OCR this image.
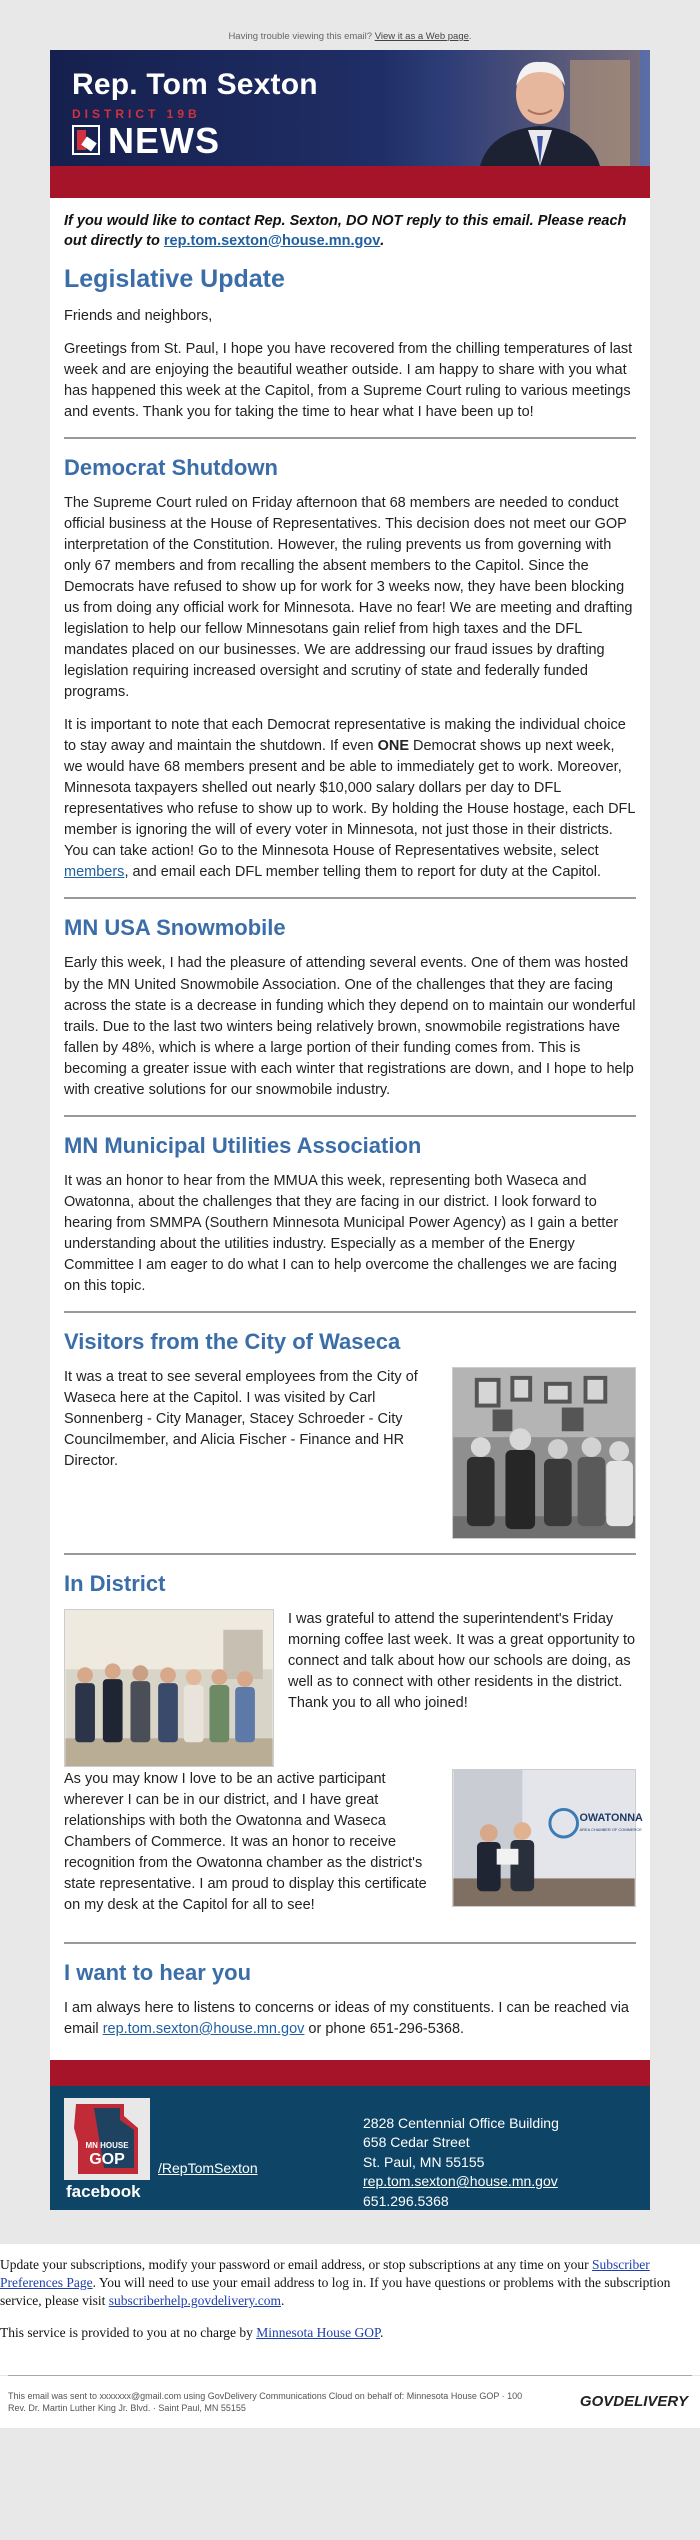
Having trouble viewing this email?
View it as a Web page .
Rep. Tom Sexton
DISTRICT 19B
NEWS

If you would like to contact Rep. Sexton, DO NOT reply to this email. Please reach out directly to rep.tom.sexton@house.mn.gov.

Legislative Update

Friends and neighbors,

Greetings from St. Paul, I hope you have recovered from the chilling temperatures of last week and are enjoying the beautiful weather outside. I am happy to share with you what has happened this week at the Capitol, from a Supreme Court ruling to various meetings and events. Thank you for taking the time to hear what I have been up to!

Democrat Shutdown

The Supreme Court ruled on Friday afternoon that 68 members are needed to conduct official business at the House of Representatives. This decision does not meet our GOP interpretation of the Constitution. However, the ruling prevents us from governing with only 67 members and from recalling the absent members to the Capitol. Since the Democrats have refused to show up for work for 3 weeks now, they have been blocking us from doing any official work for Minnesota. Have no fear! We are meeting and drafting legislation to help our fellow Minnesotans gain relief from high taxes and the DFL mandates placed on our businesses. We are addressing our fraud issues by drafting legislation requiring increased oversight and scrutiny of state and federally funded programs.

It is important to note that each Democrat representative is making the individual choice to stay away and maintain the shutdown. If even ONE Democrat shows up next week, we would have 68 members present and be able to immediately get to work. Moreover, Minnesota taxpayers shelled out nearly $10,000 salary dollars per day to DFL representatives who refuse to show up to work. By holding the House hostage, each DFL member is ignoring the will of every voter in Minnesota, not just those in their districts. You can take action! Go to the Minnesota House of Representatives website, select members, and email each DFL member telling them to report for duty at the Capitol.

MN USA Snowmobile

Early this week, I had the pleasure of attending several events. One of them was hosted by the MN United Snowmobile Association. One of the challenges that they are facing across the state is a decrease in funding which they depend on to maintain our wonderful trails. Due to the last two winters being relatively brown, snowmobile registrations have fallen by 48%, which is where a large portion of their funding comes from. This is becoming a greater issue with each winter that registrations are down, and I hope to help with creative solutions for our snowmobile industry.

MN Municipal Utilities Association

It was an honor to hear from the MMUA this week, representing both Waseca and Owatonna, about the challenges that they are facing in our district. I look forward to hearing from SMMPA (Southern Minnesota Municipal Power Agency) as I gain a better understanding about the utilities industry. Especially as a member of the Energy Committee I am eager to do what I can to help overcome the challenges we are facing on this topic.

Visitors from the City of Waseca

It was a treat to see several employees from the City of Waseca here at the Capitol. I was visited by Carl Sonnenberg - City Manager, Stacey Schroeder - City Councilmember, and Alicia Fischer - Finance and HR Director.

In District

I was grateful to attend the superintendent's Friday morning coffee last week. It was a great opportunity to connect and talk about how our schools are doing, as well as to connect with other residents in the district. Thank you to all who joined!

As you may know I love to be an active participant wherever I can be in our district, and I have great relationships with both the Owatonna and Waseca Chambers of Commerce. It was an honor to receive recognition from the Owatonna chamber as the district's state representative. I am proud to display this certificate on my desk at the Capitol for all to see!

OWATONNA
AREA CHAMBER OF COMMERCE
I want to hear you

I am always here to listens to concerns or ideas of my constituents. I can be reached via email rep.tom.sexton@house.mn.gov or phone 651-296-5368.

MN HOUSE
GOP
facebook
/RepTomSexton
2828 Centennial Office Building
658 Cedar Street
St. Paul, MN 55155
rep.tom.sexton@house.mn.gov
651.296.5368

Update your subscriptions, modify your password or email address, or stop subscriptions at any time on your Subscriber Preferences Page. You will need to use your email address to log in. If you have questions or problems with the subscription service, please visit subscriberhelp.govdelivery.com.

This service is provided to you at no charge by Minnesota House GOP.

This email was sent to xxxxxxx@gmail.com using GovDelivery Communications Cloud on behalf of: Minnesota House GOP · 100
Rev. Dr. Martin Luther King Jr. Blvd. · Saint Paul, MN 55155	GOVDELIVERY
